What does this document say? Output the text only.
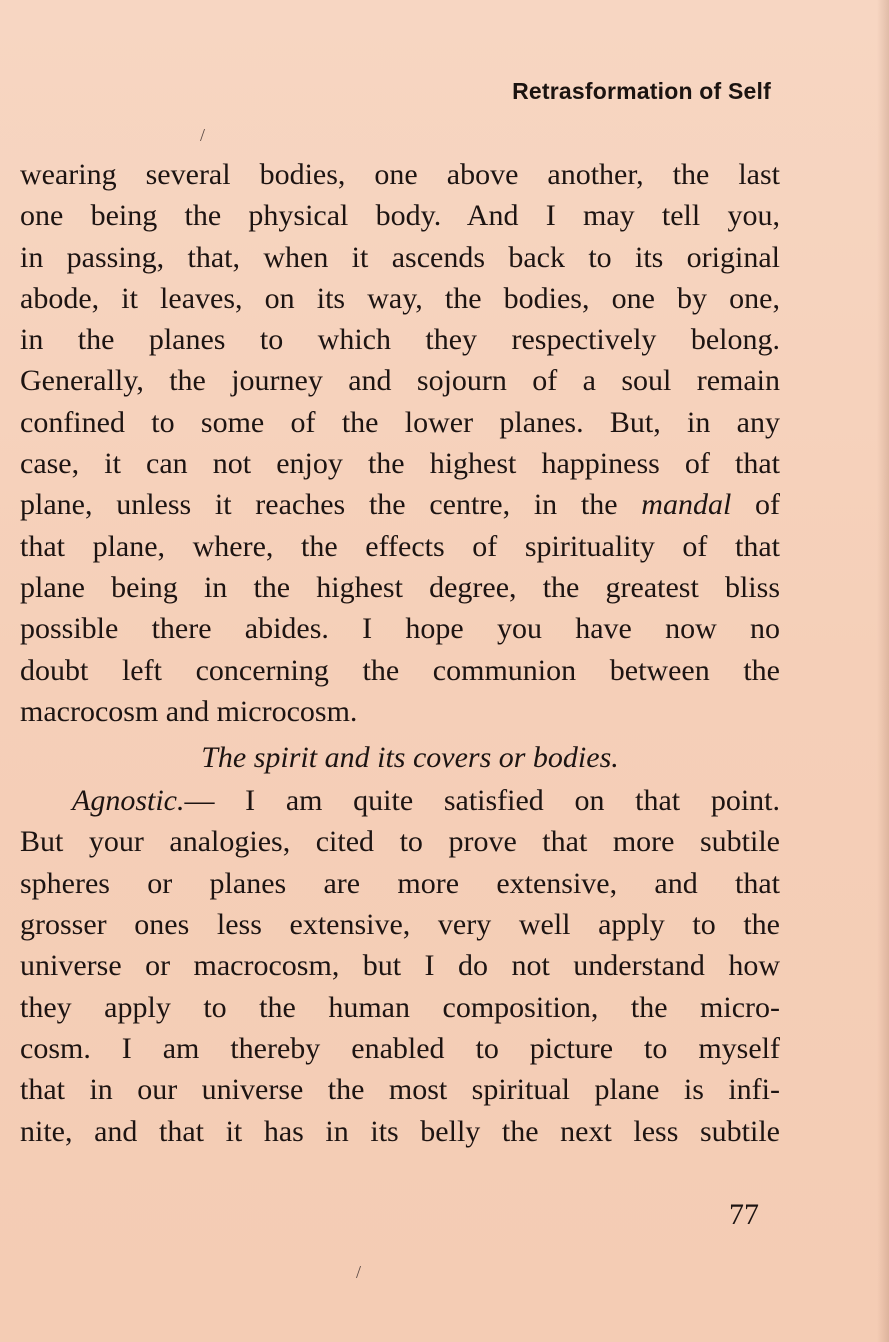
Retrasformation of Self
/
wearing several bodies, one above another, the last
one being the physical body. And I may tell you,
in passing, that, when it ascends back to its original
abode, it leaves, on its way, the bodies, one by one,
in the planes to which they respectively belong.
Generally, the journey and sojourn of a soul remain
confined to some of the lower planes. But, in any
case, it can not enjoy the highest happiness of that
plane, unless it reaches the centre, in the mandal of
that plane, where, the effects of spirituality of that
plane being in the highest degree, the greatest bliss
possible there abides. I hope you have now no
doubt left concerning the communion between the
macrocosm and microcosm.
The spirit and its covers or bodies.
Agnostic.— I am quite satisfied on that point.
But your analogies, cited to prove that more subtile
spheres or planes are more extensive, and that
grosser ones less extensive, very well apply to the
universe or macrocosm, but I do not understand how
they apply to the human composition, the micro-
cosm. I am thereby enabled to picture to myself
that in our universe the most spiritual plane is infi-
nite, and that it has in its belly the next less subtile
77
/
